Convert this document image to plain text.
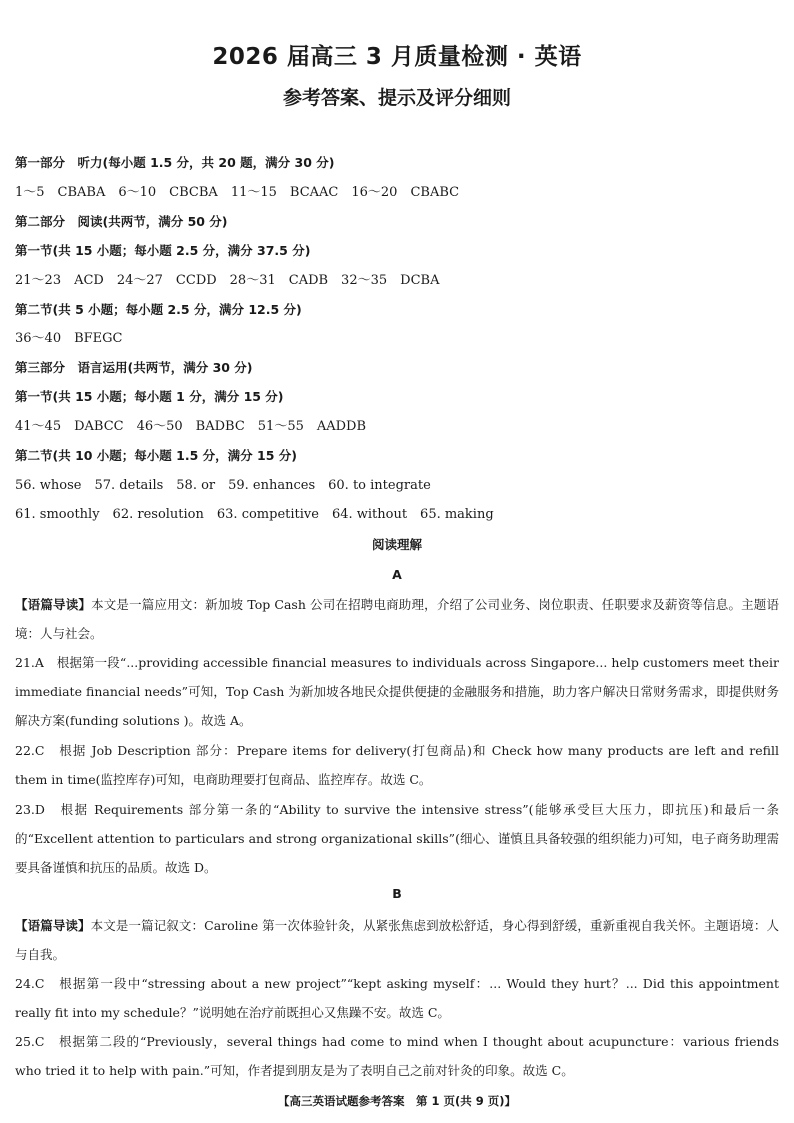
2026 届高三 3 月质量检测 · 英语
参考答案、提示及评分细则
第一部分　听力(每小题 1.5 分，共 20 题，满分 30 分)
1～5　CBABA　6～10　CBCBA　11～15　BCAAC　16～20　CBABC
第二部分　阅读(共两节，满分 50 分)
第一节(共 15 小题；每小题 2.5 分，满分 37.5 分)
21～23　ACD　24～27　CCDD　28～31　CADB　32～35　DCBA
第二节(共 5 小题；每小题 2.5 分，满分 12.5 分)
36～40　BFEGC
第三部分　语言运用(共两节，满分 30 分)
第一节(共 15 小题；每小题 1 分，满分 15 分)
41～45　DABCC　46～50　BADBC　51～55　AADDB
第二节(共 10 小题；每小题 1.5 分，满分 15 分)
56. whose　57. details　58. or　59. enhances　60. to integrate
61. smoothly　62. resolution　63. competitive　64. without　65. making
阅读理解
A
【语篇导读】本文是一篇应用文：新加坡 Top Cash 公司在招聘电商助理，介绍了公司业务、岗位职责、任职要求及薪资等信息。主题语境：人与社会。
21.A　根据第一段“...providing accessible financial measures to individuals across Singapore... help customers meet their immediate financial needs”可知，Top Cash 为新加坡各地民众提供便捷的金融服务和措施，助力客户解决日常财务需求，即提供财务解决方案(funding solutions )。故选 A。
22.C　根据 Job Description 部分：Prepare items for delivery(打包商品)和 Check how many products are left and refill them in time(监控库存)可知，电商助理要打包商品、监控库存。故选 C。
23.D　根据 Requirements 部分第一条的“Ability to survive the intensive stress”(能够承受巨大压力，即抗压)和最后一条的“Excellent attention to particulars and strong organizational skills”(细心、谨慎且具备较强的组织能力)可知，电子商务助理需要具备谨慎和抗压的品质。故选 D。
B
【语篇导读】本文是一篇记叙文：Caroline 第一次体验针灸，从紧张焦虑到放松舒适，身心得到舒缓，重新重视自我关怀。主题语境：人与自我。
24.C　根据第一段中“stressing about a new project”“kept asking myself：... Would they hurt？... Did this appointment really fit into my schedule？”说明她在治疗前既担心又焦躁不安。故选 C。
25.C　根据第二段的“Previously，several things had come to mind when I thought about acupuncture：various friends who tried it to help with pain.”可知，作者提到朋友是为了表明自己之前对针灸的印象。故选 C。
【高三英语试题参考答案　第 1 页(共 9 页)】
